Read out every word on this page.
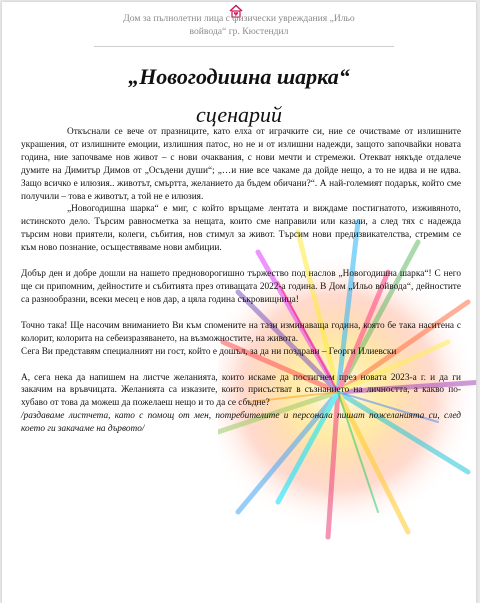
Дом за пълнолетни лица с физически увреждания „Ильо
войвода“ гр. Кюстендил
„Новогодишна шарка“
сценарий

Откъснали се вече от празниците, като елха от играчките си, ние се очистваме от излишните украшения, от излишните емоции, излишния патос, но не и от излишни надежди, защото започвайки новата година, ние започваме нов живот – с нови очаквания, с нови мечти и стремежи. Отекват някъде отдалече думите на Димитър Димов от „Осъдени души“; „…и ние все чакаме да дойде нещо, а то не идва и не идва. Защо всичко е илюзия.. животът, смъртта, желанието да бъдем обичани?“. А най-големият подарък, който сме получили – това е животът, а той не е илюзия.

„Новогодишна шарка“ е миг, с който връщаме лентата и виждаме постигнатото, изживяното, истинското дело. Търсим равносметка за нещата, които сме направили или казали, а след тях с надежда търсим нови приятели, колеги, събития, нов стимул за живот. Търсим нови предизвикателства, стремим се към ново познание, осъществяваме нови амбиции.

Добър ден и добре дошли на нашето предноворогишно тържество под наслов „Новогодишна шарка“! С него ще си припомним, дейностите и събитията през отиващата 2022-а година. В Дом „Ильо войвода“, дейностите са разнообразни, всеки месец е нов дар, а цяла година съкровищница!

Точно така! Ще насочим вниманието Ви към спомените на тази изминаваща година, която бе така наситена с колорит, колорита на себеизразяването, на възможностите, на живота.

Сега Ви представям специалният ни гост, който е дошъл, за да ни поздрави – Георги Илиевски

А, сега нека да напишем на листче желанията, които искаме да постигнем през новата 2023-а г. и да ги закачим на връвчицата. Желанията са изказите, които присъстват в съзнанието на личността, а какво по-хубаво от това да можеш да пожелаеш нещо и то да се сбъдне?

/раздаваме листчета, като с помощ от мен, потребителите и персонала пишат пожеланията си, след което ги закачаме на дървото/
